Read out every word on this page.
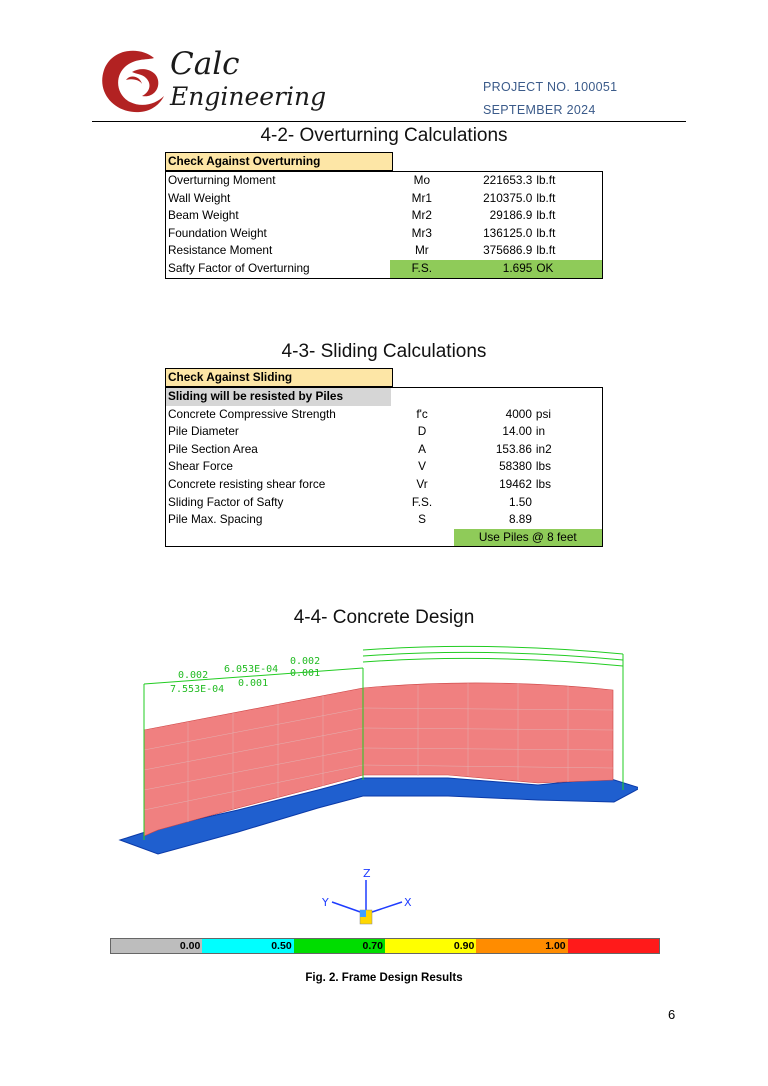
Calc
Engineering	PROJECT NO. 100051
SEPTEMBER 2024
4-2- Overturning Calculations
Check Against Overturning
Overturning Moment	Mo	221653.3	lb.ft
Wall Weight	Mr1	210375.0	lb.ft
Beam Weight	Mr2	29186.9	lb.ft
Foundation Weight	Mr3	136125.0	lb.ft
Resistance Moment	Mr	375686.9	lb.ft
Safty Factor of Overturning	F.S.	1.695	OK
4-3- Sliding Calculations
Check Against Sliding
Sliding will be resisted by Piles			
Concrete Compressive Strength	f'c	4000	psi
Pile Diameter	D	14.00	in
Pile Section Area	A	153.86	in2
Shear Force	V	58380	lbs
Concrete resisting shear force	Vr	19462	lbs
Sliding Factor of Safty	F.S.	1.50	
Pile Max. Spacing	S	8.89	
		Use Piles @ 8 feet	
4-4- Concrete Design
0.002
6.053E-04
0.002
7.553E-04
0.001
0.001
Z
Y	X
0.00	0.50	0.70	0.90	1.00
Fig. 2. Frame Design Results
6
